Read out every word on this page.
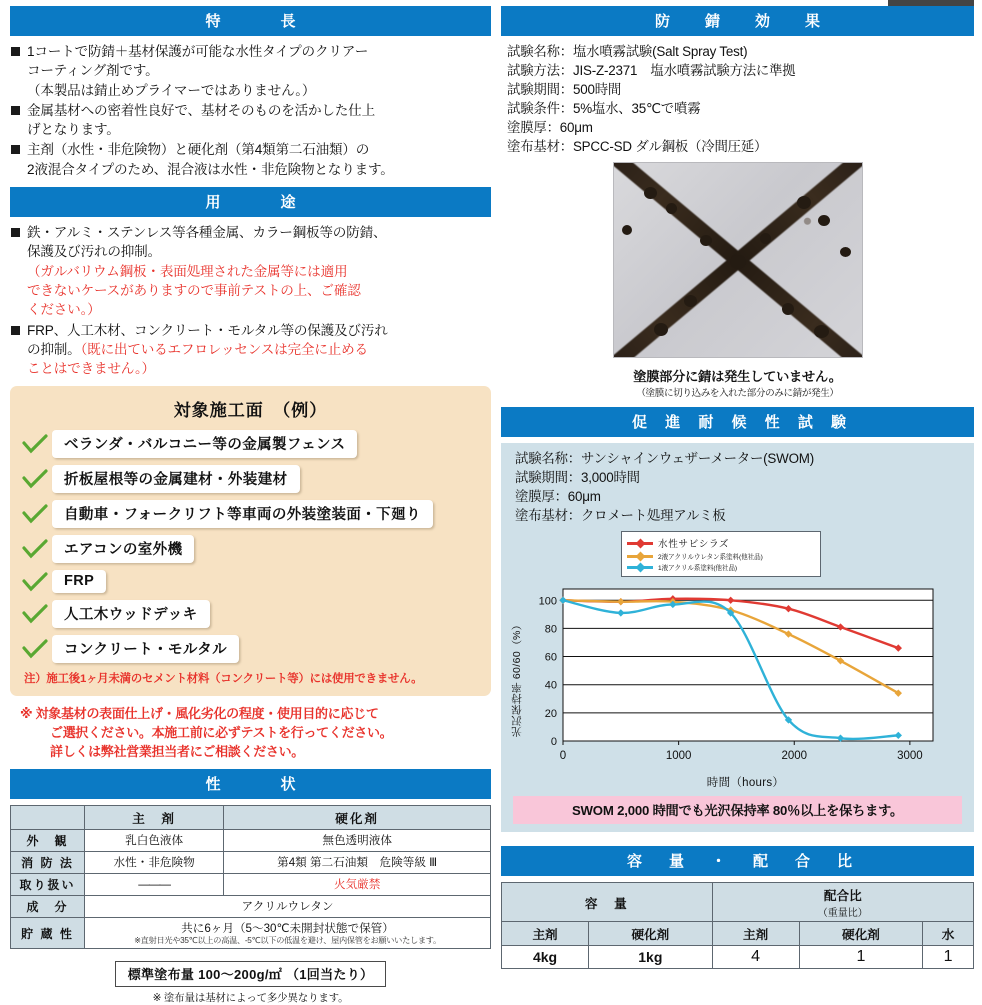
特　　長
1コートで防錆＋基材保護が可能な水性タイプのクリアー

コーティング剤です。
（本製品は錆止めプライマーではありません。）
金属基材への密着性良好で、基材そのものを活かした仕上

げとなります。
主剤（水性・非危険物）と硬化剤（第4類第二石油類）の

2液混合タイプのため、混合液は水性・非危険物となります。
用　　途
鉄・アルミ・ステンレス等各種金属、カラー鋼板等の防錆、

保護及び汚れの抑制。
（ガルバリウム鋼板・表面処理された金属等には適用
できないケースがありますので事前テストの上、ご確認
ください。）
FRP、人工木材、コンクリート・モルタル等の保護及び汚れ

の抑制。（既に出ているエフロレッセンスは完全に止める
ことはできません。）
対象施工面　（例）
ベランダ・バルコニー等の金属製フェンス
折板屋根等の金属建材・外装建材
自動車・フォークリフト等車両の外装塗装面・下廻り
エアコンの室外機
FRP
人工木ウッドデッキ
コンクリート・モルタル
注）施工後1ヶ月未満のセメント材料（コンクリート等）には使用できません。
※ 対象基材の表面仕上げ・風化劣化の程度・使用目的に応じて
ご選択ください。本施工前に必ずテストを行ってください。
詳しくは弊社営業担当者にご相談ください。
性　　状
	主　剤	硬化剤
外　観	乳白色液体	無色透明液体
消 防 法	水性・非危険物	第4類 第二石油類　危険等級 Ⅲ
取り扱い	———	火気厳禁
成　分	アクリルウレタン	
貯 蔵 性	共に6ヶ月（5～30℃未開封状態で保管）
※直射日光や35℃以上の高温、-5℃以下の低温を避け、屋内保管をお願いいたします。	
標準塗布量 100～200g/㎡ （1回当たり）
※ 塗布量は基材によって多少異なります。
防　錆　効　果
試験名称：塩水噴霧試験(Salt Spray Test)
試験方法：JIS-Z-2371　塩水噴霧試験方法に準拠
試験期間：500時間
試験条件：5%塩水、35℃で噴霧
塗膜厚：60μm
塗布基材：SPCC-SD ダル鋼板（冷間圧延）
塗膜部分に錆は発生していません。
（塗膜に切り込みを入れた部分のみに錆が発生）
促 進 耐 候 性 試 験
試験名称：サンシャインウェザーメーター(SWOM)
試験期間：3,000時間
塗膜厚：60μm
塗布基材：クロメート処理アルミ板
水性サビシラズ
2液アクリルウレタン系塗料(他社品)
1液アクリル系塗料(他社品)
光沢保持率 60/60（%）
0
20
40
60
80
100
0	1000	2000	3000
時間（hours）
SWOM 2,000 時間でも光沢保持率 80％以上を保ちます。
容　量　・　配　合　比
容　量		配合比
（重量比）		
主剤	硬化剤	主剤	硬化剤	水
4kg	1kg	4	1	1
